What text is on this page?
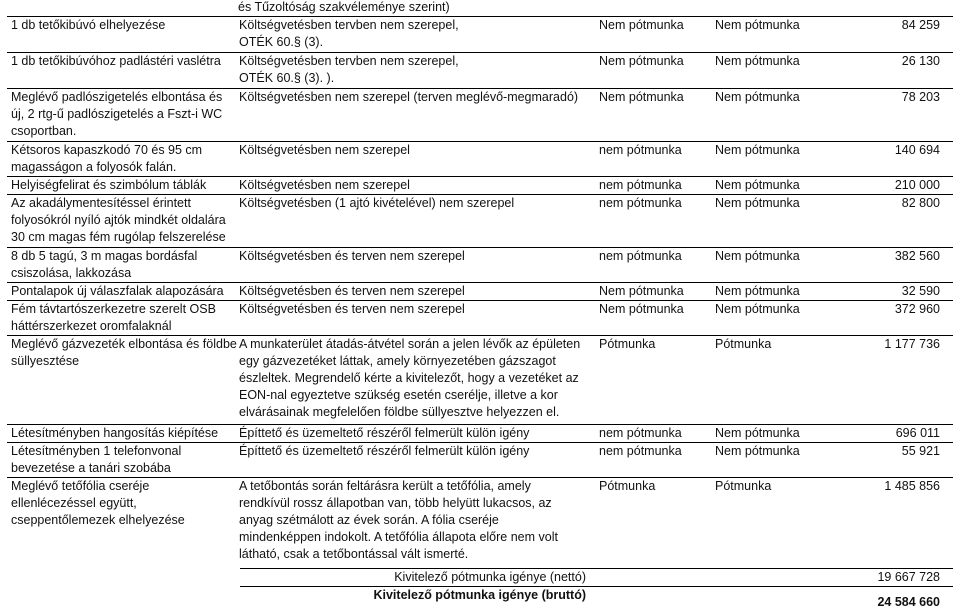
	és Tűzoltóság szakvéleménye szerint)			
1 db tetőkibúvó elhelyezése	Költségvetésben tervben nem szerepel, OTÉK 60.§ (3).	Nem pótmunka	Nem pótmunka	84 259
1 db tetőkibúvóhoz padlástéri vaslétra	Költségvetésben tervben nem szerepel, OTÉK 60.§ (3). ).	Nem pótmunka	Nem pótmunka	26 130
Meglévő padlószigetelés elbontása és új, 2 rtg-ű padlószigetelés a Fszt-i WC csoportban.	Költségvetésben nem szerepel (terven meglévő-megmaradó)	Nem pótmunka	Nem pótmunka	78 203
Kétsoros kapaszkodó 70 és 95 cm magasságon a folyosók falán.	Költségvetésben nem szerepel	nem pótmunka	Nem pótmunka	140 694
Helyiségfelirat és szimbólum táblák	Költségvetésben nem szerepel	nem pótmunka	Nem pótmunka	210 000
Az akadálymentesítéssel érintett folyosókról nyíló ajtók mindkét oldalára 30 cm magas fém rugólap felszerelése	Költségvetésben (1 ajtó kivételével) nem szerepel	nem pótmunka	Nem pótmunka	82 800
8 db 5 tagú, 3 m magas bordásfal csiszolása, lakkozása	Költségvetésben és terven nem szerepel	nem pótmunka	Nem pótmunka	382 560
Pontalapok új válaszfalak alapozására	Költségvetésben és terven nem szerepel	Nem pótmunka	Nem pótmunka	32 590
Fém távtartószerkezetre szerelt OSB háttérszerkezet oromfalaknál	Költségvetésben és terven nem szerepel	Nem pótmunka	Nem pótmunka	372 960
Meglévő gázvezeték elbontása és földbe süllyesztése	A munkaterület átadás-átvétel során a jelen lévők az épületen egy gázvezetéket láttak, amely környezetében gázszagot észleltek. Megrendelő kérte a kivitelezőt, hogy a vezetéket az EON-nal egyeztetve szükség esetén cserélje, illetve a kor elvárásainak megfelelően földbe süllyesztve helyezzen el.	Pótmunka	Pótmunka	1 177 736
Létesítményben hangosítás kiépítése	Építtető és üzemeltető részéről felmerült külön igény	nem pótmunka	Nem pótmunka	696 011
Létesítményben 1 telefonvonal bevezetése a tanári szobába	Építtető és üzemeltető részéről felmerült külön igény	nem pótmunka	Nem pótmunka	55 921
Meglévő tetőfólia cseréje ellenlécezéssel együtt, cseppentőlemezek elhelyezése	A tetőbontás során feltárásra került a tetőfólia, amely rendkívül rossz állapotban van, több helyütt lukacsos, az anyag szétmálott az évek során. A fólia cseréje mindenképpen indokolt. A tetőfólia állapota előre nem volt látható, csak a tetőbontással vált ismerté.	Pótmunka	Pótmunka	1 485 856
Kivitelező pótmunka igénye (nettó)	19 667 728
Kivitelező pótmunka igénye (bruttó)	24 584 660
